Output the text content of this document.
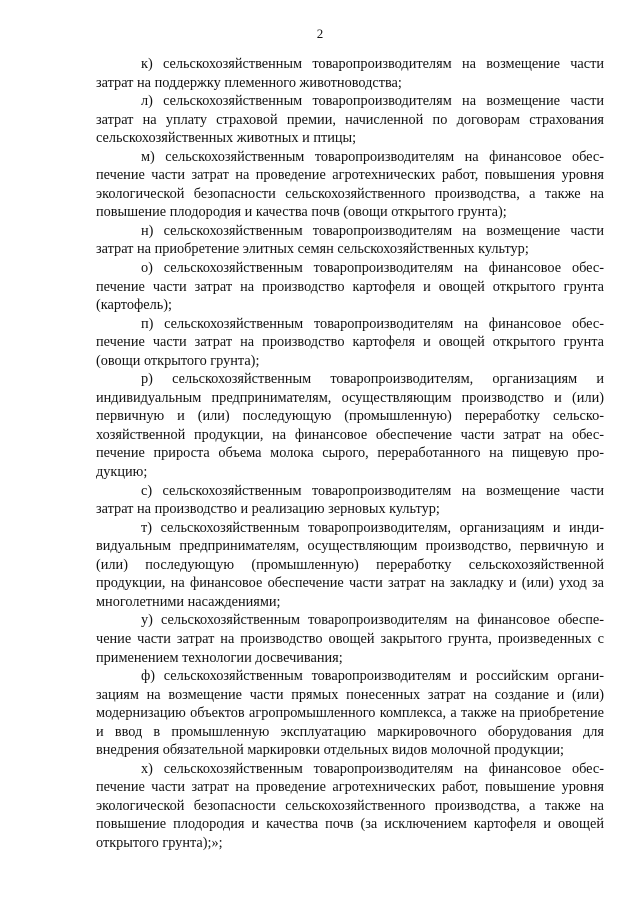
2

к) сельскохозяйственным товаропроизводителям на возмещение части затрат на поддержку племенного животноводства;

л) сельскохозяйственным товаропроизводителям на возмещение части затрат на уплату страховой премии, начисленной по договорам страхования сельскохозяйственных животных и птицы;

м) сельскохозяйственным товаропроизводителям на финансовое обеспечение части затрат на проведение агротехнических работ, повышения уровня экологической безопасности сельскохозяйственного производства, а также на повышение плодородия и качества почв (овощи открытого грунта);

н) сельскохозяйственным товаропроизводителям на возмещение части затрат на приобретение элитных семян сельскохозяйственных культур;

о) сельскохозяйственным товаропроизводителям на финансовое обеспечение части затрат на производство картофеля и овощей открытого грунта (картофель);

п) сельскохозяйственным товаропроизводителям на финансовое обеспечение части затрат на производство картофеля и овощей открытого грунта (овощи открытого грунта);

р) сельскохозяйственным товаропроизводителям, организациям и индивидуальным предпринимателям, осуществляющим производство и (или) первичную и (или) последующую (промышленную) переработку сельскохозяйственной продукции, на финансовое обеспечение части затрат на обеспечение прироста объема молока сырого, переработанного на пищевую продукцию;

с) сельскохозяйственным товаропроизводителям на возмещение части затрат на производство и реализацию зерновых культур;

т) сельскохозяйственным товаропроизводителям, организациям и индивидуальным предпринимателям, осуществляющим производство, первичную и (или) последующую (промышленную) переработку сельскохозяйственной продукции, на финансовое обеспечение части затрат на закладку и (или) уход за многолетними насаждениями;

у) сельскохозяйственным товаропроизводителям на финансовое обеспечение части затрат на производство овощей закрытого грунта, произведенных с применением технологии досвечивания;

ф) сельскохозяйственным товаропроизводителям и российским организациям на возмещение части прямых понесенных затрат на создание и (или) модернизацию объектов агропромышленного комплекса, а также на приобретение и ввод в промышленную эксплуатацию маркировочного оборудования для внедрения обязательной маркировки отдельных видов молочной продукции;

х) сельскохозяйственным товаропроизводителям на финансовое обеспечение части затрат на проведение агротехнических работ, повышение уровня экологической безопасности сельскохозяйственного производства, а также на повышение плодородия и качества почв (за исключением картофеля и овощей открытого грунта);»;
